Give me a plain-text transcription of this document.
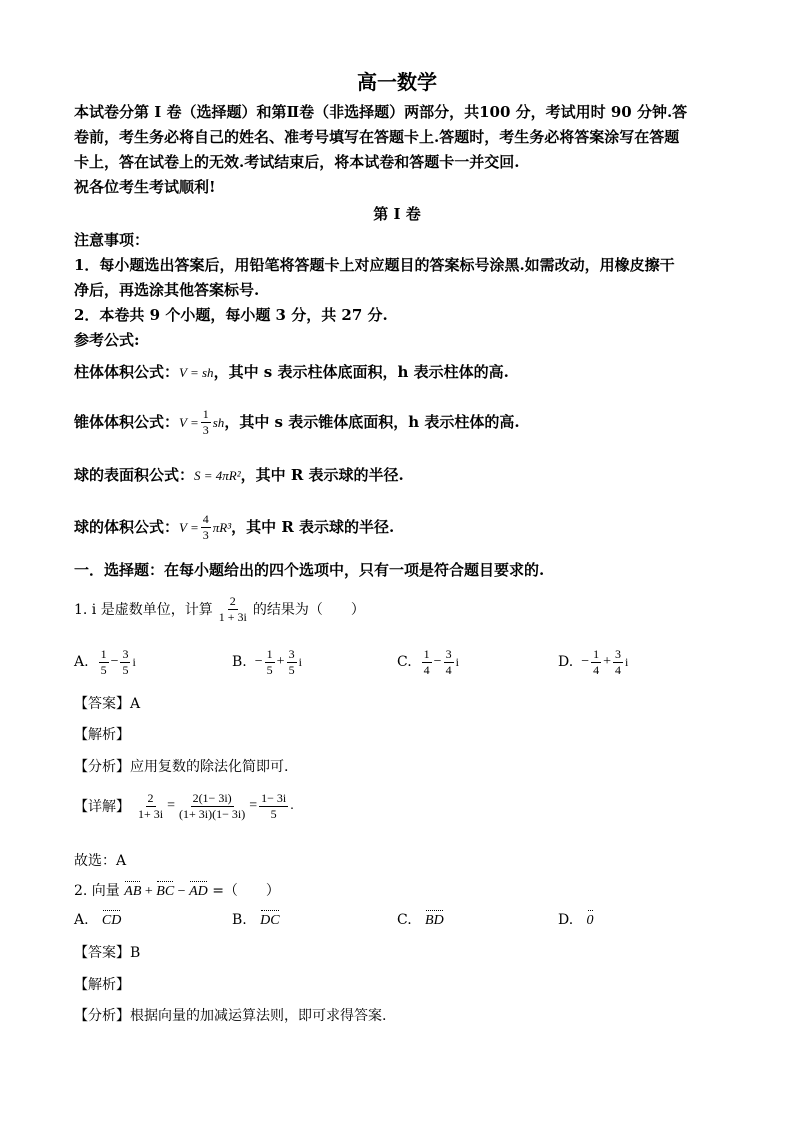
高一数学
本试卷分第 I 卷（选择题）和第Ⅱ卷（非选择题）两部分，共100 分，考试用时 90 分钟.答
卷前，考生务必将自己的姓名、准考号填写在答题卡上.答题时，考生务必将答案涂写在答题
卡上，答在试卷上的无效.考试结束后，将本试卷和答题卡一并交回.
祝各位考生考试顺利!
第 I 卷
注意事项：
1．每小题选出答案后，用铅笔将答题卡上对应题目的答案标号涂黑.如需改动，用橡皮擦干
净后，再选涂其他答案标号.
2．本卷共 9 个小题，每小题 3 分，共 27 分.
参考公式:
柱体体积公式：V = sh，其中 s 表示柱体底面积，h 表示柱体的高.
锥体体积公式： $V = \frac{1}{3}$ sh ，其中 s 表示锥体底面积，h 表示柱体的高.
球的表面积公式：S = 4πR²，其中 R 表示球的半径.
球的体积公式： $V = \frac{4}{3} \pi R^3$ ，其中 R 表示球的半径.
一．选择题：在每小题给出的四个选项中，只有一项是符合题目要求的.
1. i 是虚数单位，计算 $\frac{2}{1 + 3i}$ 的结果为（　　）
A. $\frac{1}{5} - \frac{3}{5}$ i	B. − $\frac{1}{5} + \frac{3}{5}$ i	C. $\frac{1}{4} - \frac{3}{4}$ i	D. − $\frac{1}{4} + \frac{3}{4}$ i
【答案】A
【解析】
【分析】应用复数的除法化简即可.
【详解】 $\frac{2}{1+ 3i} = \frac{2(1- 3i)}{(1+ 3i)(1- 3i)} = \frac{1- 3i}{5}$ .
故选：A
2. 向量 AB + BC − AD =（　　）
A.   CD	B.   DC	C.   BD	D.   0
【答案】B
【解析】
【分析】根据向量的加减运算法则，即可求得答案.
